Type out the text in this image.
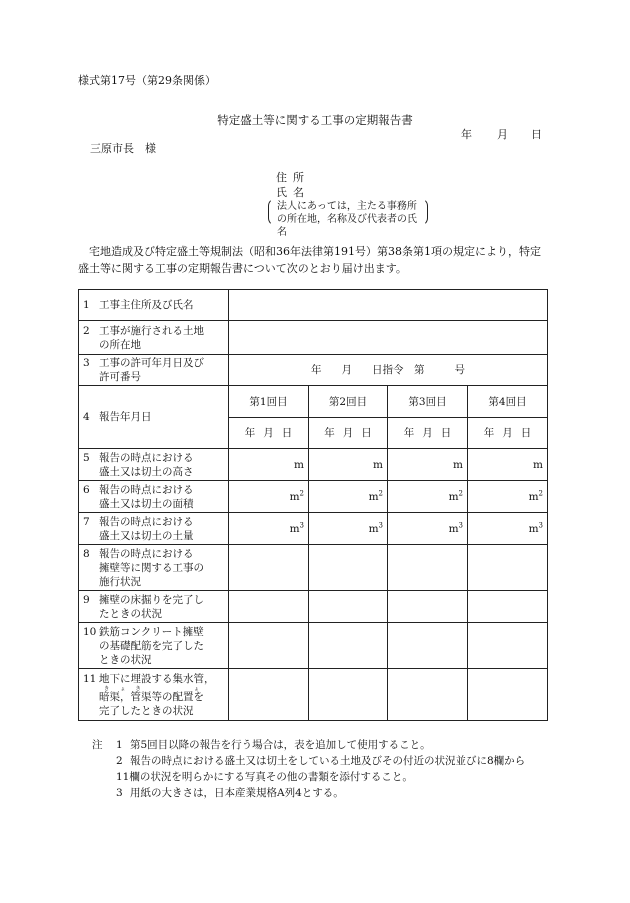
様式第17号（第29条関係）
特定盛土等に関する工事の定期報告書
年 月 日
三原市長　様
住所
氏名
法人にあっては，主たる事務所の所在地，名称及び代表者の氏名
宅地造成及び特定盛土等規制法（昭和36年法律第191号）第38条第1項の規定により，特定盛土等に関する工事の定期報告書について次のとおり届け出ます。
1 工事主住所及び氏名				
2 工事が施行される土地
の所在地				

3 工事の許可年月日及び
許可番号	年 月 日指令　第 号			
4 報告年月日	第1回目	第2回目	第3回目	第4回目
	年 月 日	年 月 日	年 月 日	年 月 日
5 報告の時点における
盛土又は切土の高さ	m	m	m	m
6 報告の時点における
盛土又は切土の面積	$m^2$	$m^2$	$m^2$	$m^2$
7 報告の時点における
盛土又は切土の土量	$m^3$	$m^3$	$m^3$	$m^3$
8 報告の時点における
擁壁等に関する工事の
施行状況				

9 擁壁の床掘りを完了し
たときの状況				

10 鉄筋コンクリート擁壁
の基礎配筋を完了した
ときの状況				

11 地下に埋設する集水管，
暗渠，きょ管渠等の配置をきょ
完了したときの状況				

注 1 第5回目以降の報告を行う場合は，表を追加して使用すること。
2 報告の時点における盛土又は切土をしている土地及びその付近の状況並びに8欄から
11欄の状況を明らかにする写真その他の書類を添付すること。
3 用紙の大きさは，日本産業規格A列4とする。
